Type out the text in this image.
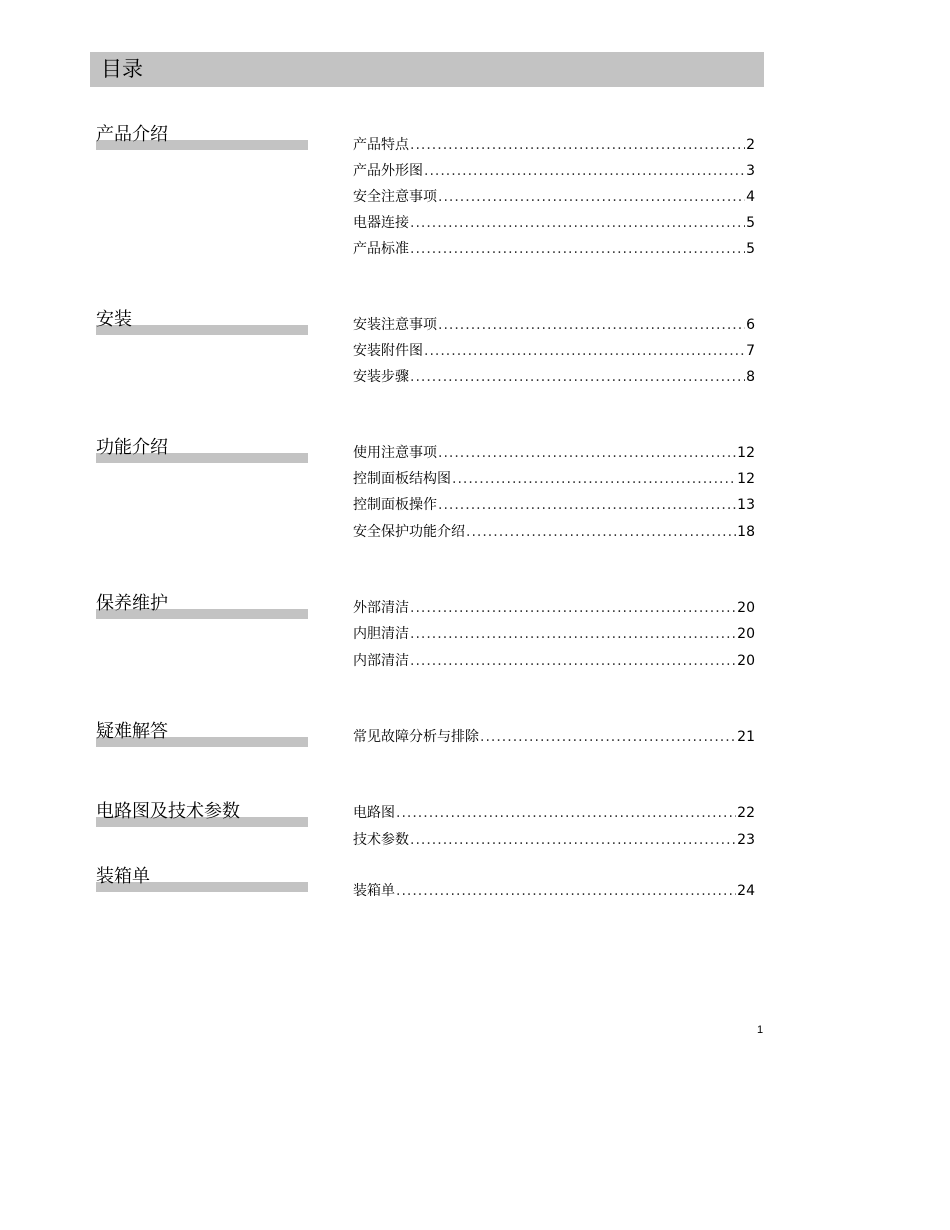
目录
产品介绍	产品特点 .....	2
产品外形图 .....	3
安全注意事项 .....	4
电器连接 .....	5
产品标准 .....	5
安装	安装注意事项 .....	6
安装附件图 .....	7
安装步骤 .....	8
功能介绍	使用注意事项 .....	12
控制面板结构图 .....	12
控制面板操作 .....	13
安全保护功能介绍 .....	18
保养维护	外部清洁 .....	20
内胆清洁 .....	20
内部清洁 .....	20
疑难解答	常见故障分析与排除 .....	21
电路图及技术参数	电路图 .....	22
技术参数 .....	23
装箱单
装箱单 .....	24
1
